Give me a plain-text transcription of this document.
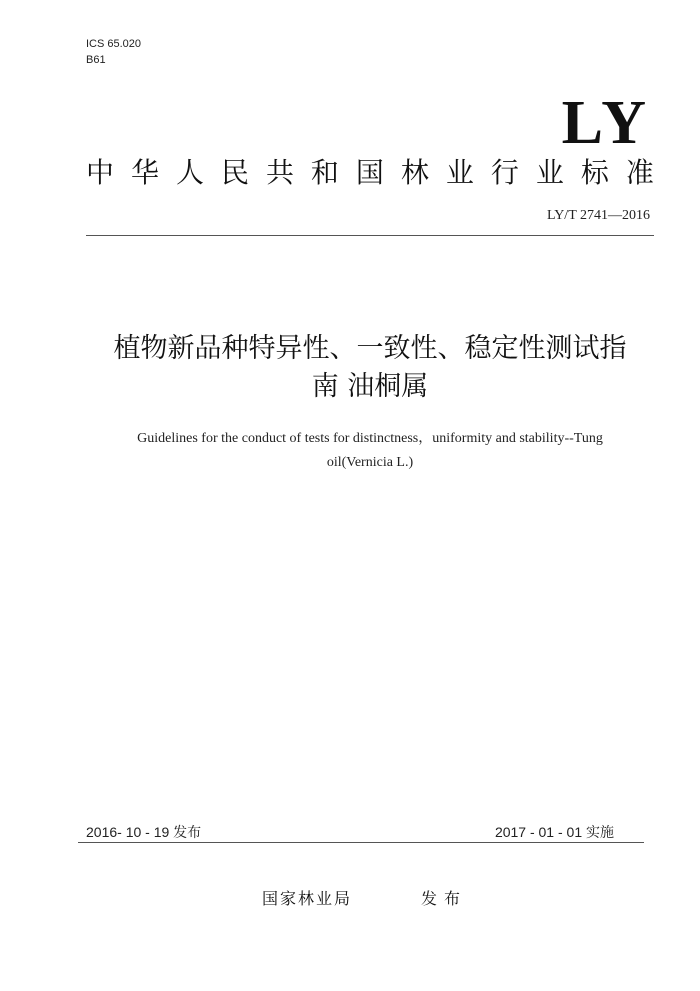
ICS 65.020
B61
LY
中 华 人 民 共 和 国 林 业 行 业 标 准
LY/T 2741—2016
植物新品种特异性、一致性、稳定性测试指
南 油桐属
Guidelines for the conduct of tests for distinctness，uniformity and stability--Tung
oil(Vernicia L.)
2016- 10 - 19 发布	2017 - 01 - 01 实施
国家林业局	发布
